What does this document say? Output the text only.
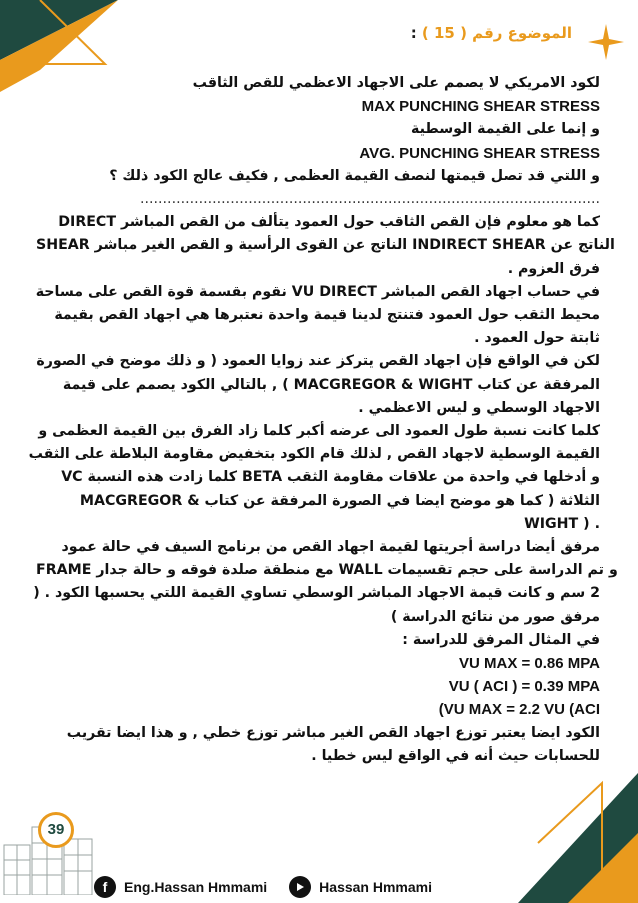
الموضوع رقم ( 15 ) :
لكود الامريكي لا يصمم على الاجهاد الاعظمي للقص الثاقب
MAX PUNCHING SHEAR STRESS
و إنما على القيمة الوسطية
AVG. PUNCHING SHEAR STRESS
و اللتي قد تصل قيمتها لنصف القيمة العظمى , فكيف عالج الكود ذلك ؟
......................................................................................................
كما هو معلوم فإن القص الثاقب حول العمود يتألف من القص المباشر DIRECT
SHEAR الناتج عن القوى الرأسية و القص الغير مباشر INDIRECT SHEAR الناتج عن
فرق العزوم .
في حساب اجهاد القص المباشر VU DIRECT نقوم بقسمة قوة القص على مساحة
محيط الثقب حول العمود فتنتج لدينا قيمة واحدة نعتبرها هي اجهاد القص بقيمة
ثابتة حول العمود .
لكن في الواقع فإن اجهاد القص يتركز عند زوايا العمود ( و ذلك موضح في الصورة
المرفقة عن كتاب MACGREGOR & WIGHT ) , بالتالي الكود يصمم على قيمة
الاجهاد الوسطي و ليس الاعظمي .
كلما كانت نسبة طول العمود الى عرضه أكبر كلما زاد الفرق بين القيمة العظمى و
القيمة الوسطية لاجهاد القص , لذلك قام الكود بتخفيض مقاومة البلاطة على الثقب
VC كلما زادت هذه النسبة BETA و أدخلها في واحدة من علاقات مقاومة الثقب
الثلاثة ( كما هو موضح ايضا في الصورة المرفقة عن كتاب & MACGREGOR
WIGHT ) .
مرفق أيضا دراسة أجريتها لقيمة اجهاد القص من برنامج السيف في حالة عمود
FRAME مع منطقة صلدة فوقه و حالة جدار WALL و تم الدراسة على حجم تقسيمات
2 سم و كانت قيمة الاجهاد المباشر الوسطي تساوي القيمة اللتي يحسبها الكود . (
مرفق صور من نتائج الدراسة )
في المثال المرفق للدراسة :
VU MAX = 0.86 MPA
VU ( ACI ) = 0.39 MPA
(VU MAX = 2.2 VU (ACI
الكود ايضا يعتبر توزع اجهاد القص الغير مباشر توزع خطي , و هذا ايضا تقريب
للحسابات حيث أنه في الواقع ليس خطيا .
39
f	Eng.Hassan Hmmami	Hassan Hmmami
